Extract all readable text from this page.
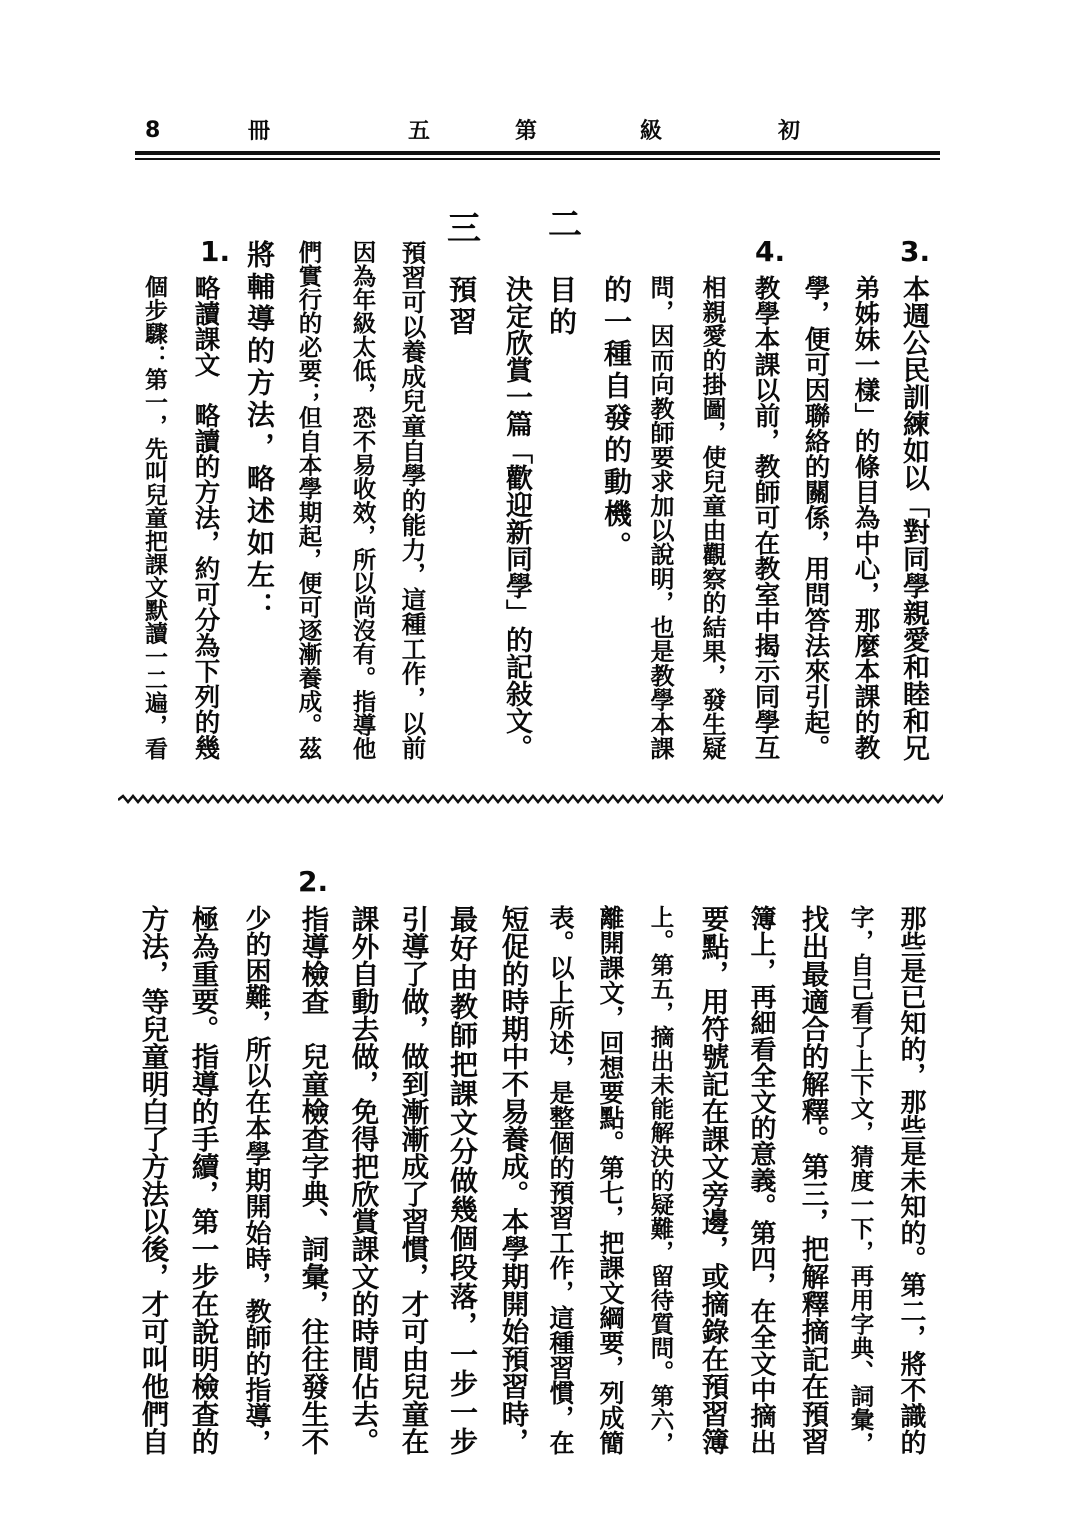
初
級
第
五
冊
8
3.
本週公民訓練如以「對同學親愛和睦和兄
弟姊妹一樣」的條目為中心，那麼本課的教
學，便可因聯絡的關係，用問答法來引起。
4.
教學本課以前，教師可在教室中揭示同學互
相親愛的掛圖，使兒童由觀察的結果，發生疑
問，因而向教師要求加以說明，也是教學本課
的一種自發的動機。
二
目的
決定欣賞一篇「歡迎新同學」的記敍文。
三
預習
預習可以養成兒童自學的能力，這種工作，以前
因為年級太低，恐不易收效，所以尚沒有。指導他
們實行的必要；但自本學期起，便可逐漸養成。茲
將輔導的方法，略述如左：
1.
略讀課文　略讀的方法，約可分為下列的幾
個步驟：第一，先叫兒童把課文默讀一二遍，看
那些是已知的，那些是未知的。第二，將不識的
字，自己看了上下文，猜度一下，再用字典、詞彙，
找出最適合的解釋。第三，把解釋摘記在預習
簿上，再細看全文的意義。第四，在全文中摘出
要點，用符號記在課文旁邊，或摘錄在預習簿
上。第五，摘出未能解決的疑難，留待質問。第六，
離開課文，回想要點。第七，把課文綱要，列成簡
表。以上所述，是整個的預習工作，這種習慣，在
短促的時期中不易養成。本學期開始預習時，
最好由教師把課文分做幾個段落，一步一步
引導了做，做到漸漸成了習慣，才可由兒童在
課外自動去做，免得把欣賞課文的時間佔去。
2.
指導檢查　兒童檢查字典、詞彙，往往發生不
少的困難，所以在本學期開始時，教師的指導，
極為重要。指導的手續，第一步在說明檢查的
方法，等兒童明白了方法以後，才可叫他們自
